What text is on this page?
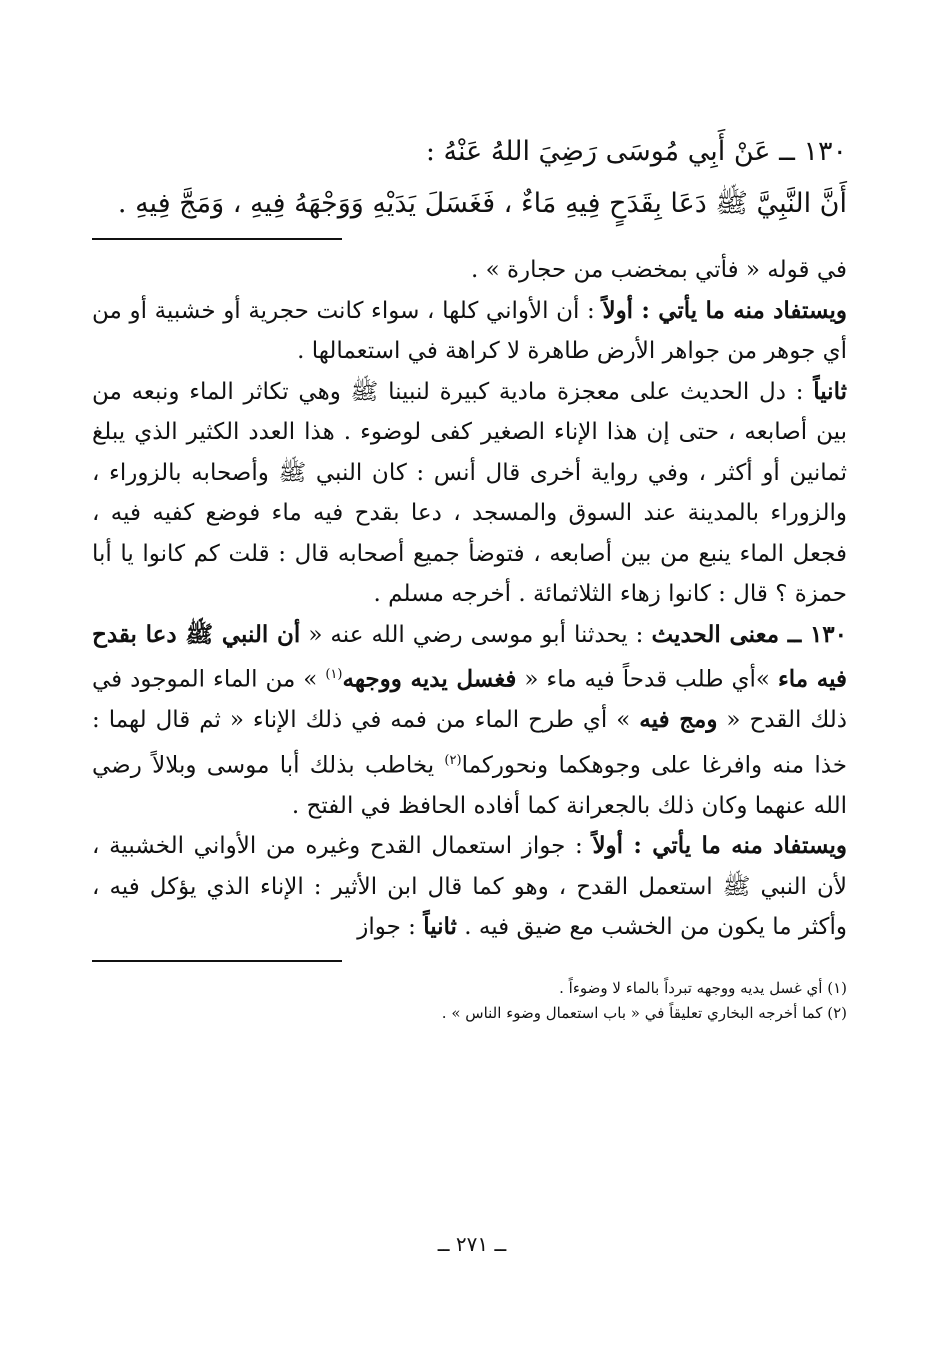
١٣٠ ــ عَنْ أَبِي مُوسَى رَضِيَ اللهُ عَنْهُ :

أَنَّ النَّبِيَّ ﷺ دَعَا بِقَدَحٍ فِيهِ مَاءٌ ، فَغَسَلَ يَدَيْهِ وَوَجْهَهُ فِيهِ ، وَمَجَّ فِيهِ .

في قوله « فأتي بمخضب من حجارة » .

ويستفاد منه ما يأتي : أولاً : أن الأواني كلها ، سواء كانت حجرية أو خشبية أو من أي جوهر من جواهر الأرض طاهرة لا كراهة في استعمالها .

ثانياً : دل الحديث على معجزة مادية كبيرة لنبينا ﷺ وهي تكاثر الماء ونبعه من بين أصابعه ، حتى إن هذا الإناء الصغير كفى لوضوء . هذا العدد الكثير الذي يبلغ ثمانين أو أكثر ، وفي رواية أخرى قال أنس : كان النبي ﷺ وأصحابه بالزوراء ، والزوراء بالمدينة عند السوق والمسجد ، دعا بقدح فيه ماء فوضع كفيه فيه ، فجعل الماء ينبع من بين أصابعه ، فتوضأ جميع أصحابه قال : قلت كم كانوا يا أبا حمزة ؟ قال : كانوا زهاء الثلاثمائة . أخرجه مسلم .

١٣٠ ــ معنى الحديث : يحدثنا أبو موسى رضي الله عنه « أن النبي ﷺ دعا بقدح فيه ماء »أي طلب قدحاً فيه ماء « فغسل يديه ووجهه$^{(١)}$ » من الماء الموجود في ذلك القدح « ومج فيه » أي طرح الماء من فمه في ذلك الإناء « ثم قال لهما : خذا منه وافرغا على وجوهكما ونحوركما$^{(٢)}$ يخاطب بذلك أبا موسى وبلالاً رضي الله عنهما وكان ذلك بالجعرانة كما أفاده الحافظ في الفتح .

ويستفاد منه ما يأتي : أولاً : جواز استعمال القدح وغيره من الأواني الخشبية ، لأن النبي ﷺ استعمل القدح ، وهو كما قال ابن الأثير : الإناء الذي يؤكل فيه ، وأكثر ما يكون من الخشب مع ضيق فيه . ثانياً : جواز

(١) أي غسل يديه ووجهه تبرداً بالماء لا وضوءاً .

(٢) كما أخرجه البخاري تعليقاً في « باب استعمال وضوء الناس » .

ــ ٢٧١ ــ
